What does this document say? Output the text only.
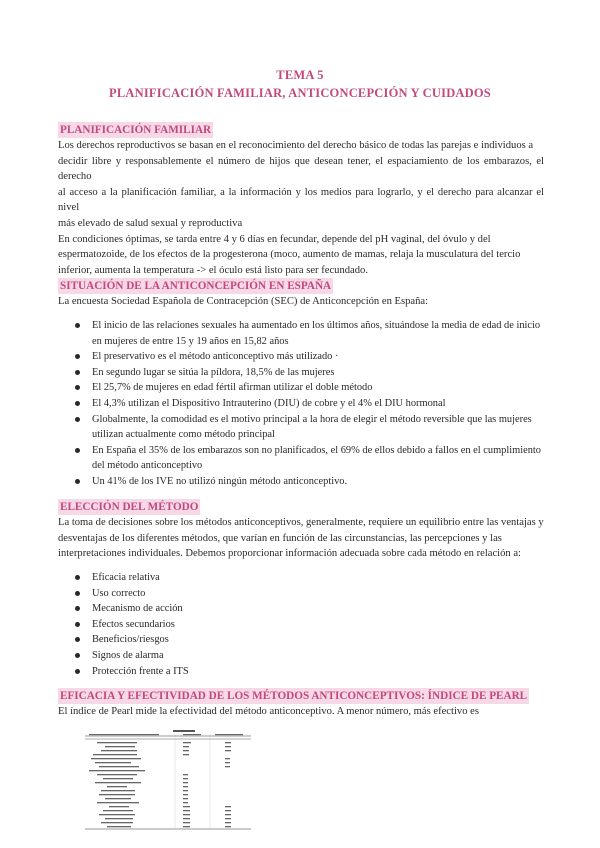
TEMA 5
PLANIFICACIÓN FAMILIAR, ANTICONCEPCIÓN Y CUIDADOS
PLANIFICACIÓN FAMILIAR
Los derechos reproductivos se basan en el reconocimiento del derecho básico de todas las parejas e individuos a
decidir libre y responsablemente el número de hijos que desean tener, el espaciamiento de los embarazos, el derecho
al acceso a la planificación familiar, a la información y los medios para lograrlo, y el derecho para alcanzar el nivel
más elevado de salud sexual y reproductiva
En condiciones óptimas, se tarda entre 4 y 6 días en fecundar, depende del pH vaginal, del óvulo y del
espermatozoide, de los efectos de la progesterona (moco, aumento de mamas, relaja la musculatura del tercio
inferior, aumenta la temperatura -> el óculo está listo para ser fecundado.
SITUACIÓN DE LA ANTICONCEPCIÓN EN ESPAÑA
La encuesta Sociedad Española de Contracepción (SEC) de Anticoncepción en España:
El inicio de las relaciones sexuales ha aumentado en los últimos años, situándose la media de edad de inicio
en mujeres de entre 15 y 19 años en 15,82 años
El preservativo es el método anticonceptivo más utilizado ·
En segundo lugar se sitúa la píldora, 18,5% de las mujeres
El 25,7% de mujeres en edad fértil afirman utilizar el doble método
El 4,3% utilizan el Dispositivo Intrauterino (DIU) de cobre y el 4% el DIU hormonal
Globalmente, la comodidad es el motivo principal a la hora de elegir el método reversible que las mujeres
utilizan actualmente como método principal
En España el 35% de los embarazos son no planificados, el 69% de ellos debido a fallos en el cumplimiento
del método anticonceptivo
Un 41% de los IVE no utilizó ningún método anticonceptivo.
ELECCIÓN DEL MÉTODO
La toma de decisiones sobre los métodos anticonceptivos, generalmente, requiere un equilibrio entre las ventajas y
desventajas de los diferentes métodos, que varían en función de las circunstancias, las percepciones y las
interpretaciones individuales. Debemos proporcionar información adecuada sobre cada método en relación a:
Eficacia relativa
Uso correcto
Mecanismo de acción
Efectos secundarios
Beneficios/riesgos
Signos de alarma
Protección frente a ITS
EFICACIA Y EFECTIVIDAD DE LOS MÉTODOS ANTICONCEPTIVOS: ÍNDICE DE PEARL
El índice de Pearl mide la efectividad del método anticonceptivo. A menor número, más efectivo es
